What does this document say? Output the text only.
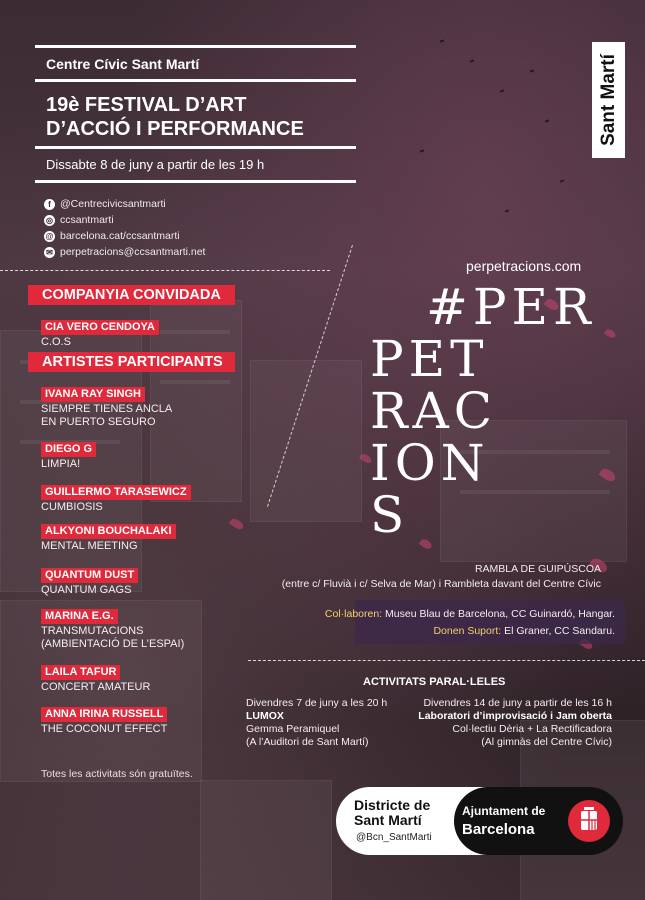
Centre Cívic Sant Martí
19è FESTIVAL D’ART
D’ACCIÓ I PERFORMANCE
Dissabte 8 de juny a partir de les 19 h
Sant Martí
f @Centrecivicsantmarti
◎ ccsantmarti
@ barcelona.cat/ccsantmarti
✉ perpetracions@ccsantmarti.net
COMPANYIA CONVIDADA
CIA VERO CENDOYA
C.O.S
ARTISTES PARTICIPANTS
IVANA RAY SINGH
SIEMPRE TIENES ANCLA
EN PUERTO SEGURO
DIEGO G
LIMPIA!
GUILLERMO TARASEWICZ
CUMBIOSIS
ALKYONI BOUCHALAKI
MENTAL MEETING
QUANTUM DUST
QUANTUM GAGS
MARINA E.G.
TRANSMUTACIONS
(AMBIENTACIÓ DE L’ESPAI)
LAILA TAFUR
CONCERT AMATEUR
ANNA IRINA RUSSELL
THE COCONUT EFFECT
perpetracions.com
#PER
PET
RAC
ION
S
RAMBLA DE GUIPÚSCOA
(entre c/ Fluvià i c/ Selva de Mar) i Rambleta davant del Centre Cívic

Col·laboren: Museu Blau de Barcelona, CC Guinardó, Hangar.

Donen Suport: El Graner, CC Sandaru.

ACTIVITATS PARAL·LELES
Divendres 7 de juny a les 20 h
LUMOX
Gemma Peramiquel
(A l’Auditori de Sant Martí)
Divendres 14 de juny a partir de les 16 h
Laboratori d’improvisació i Jam oberta
Col·lectiu Dèria + La Rectificadora
(Al gimnàs del Centre Cívic)
Totes les activitats són gratuïtes.
Districte de
Sant Martí
@Bcn_SantMarti
Ajuntament de
Barcelona
